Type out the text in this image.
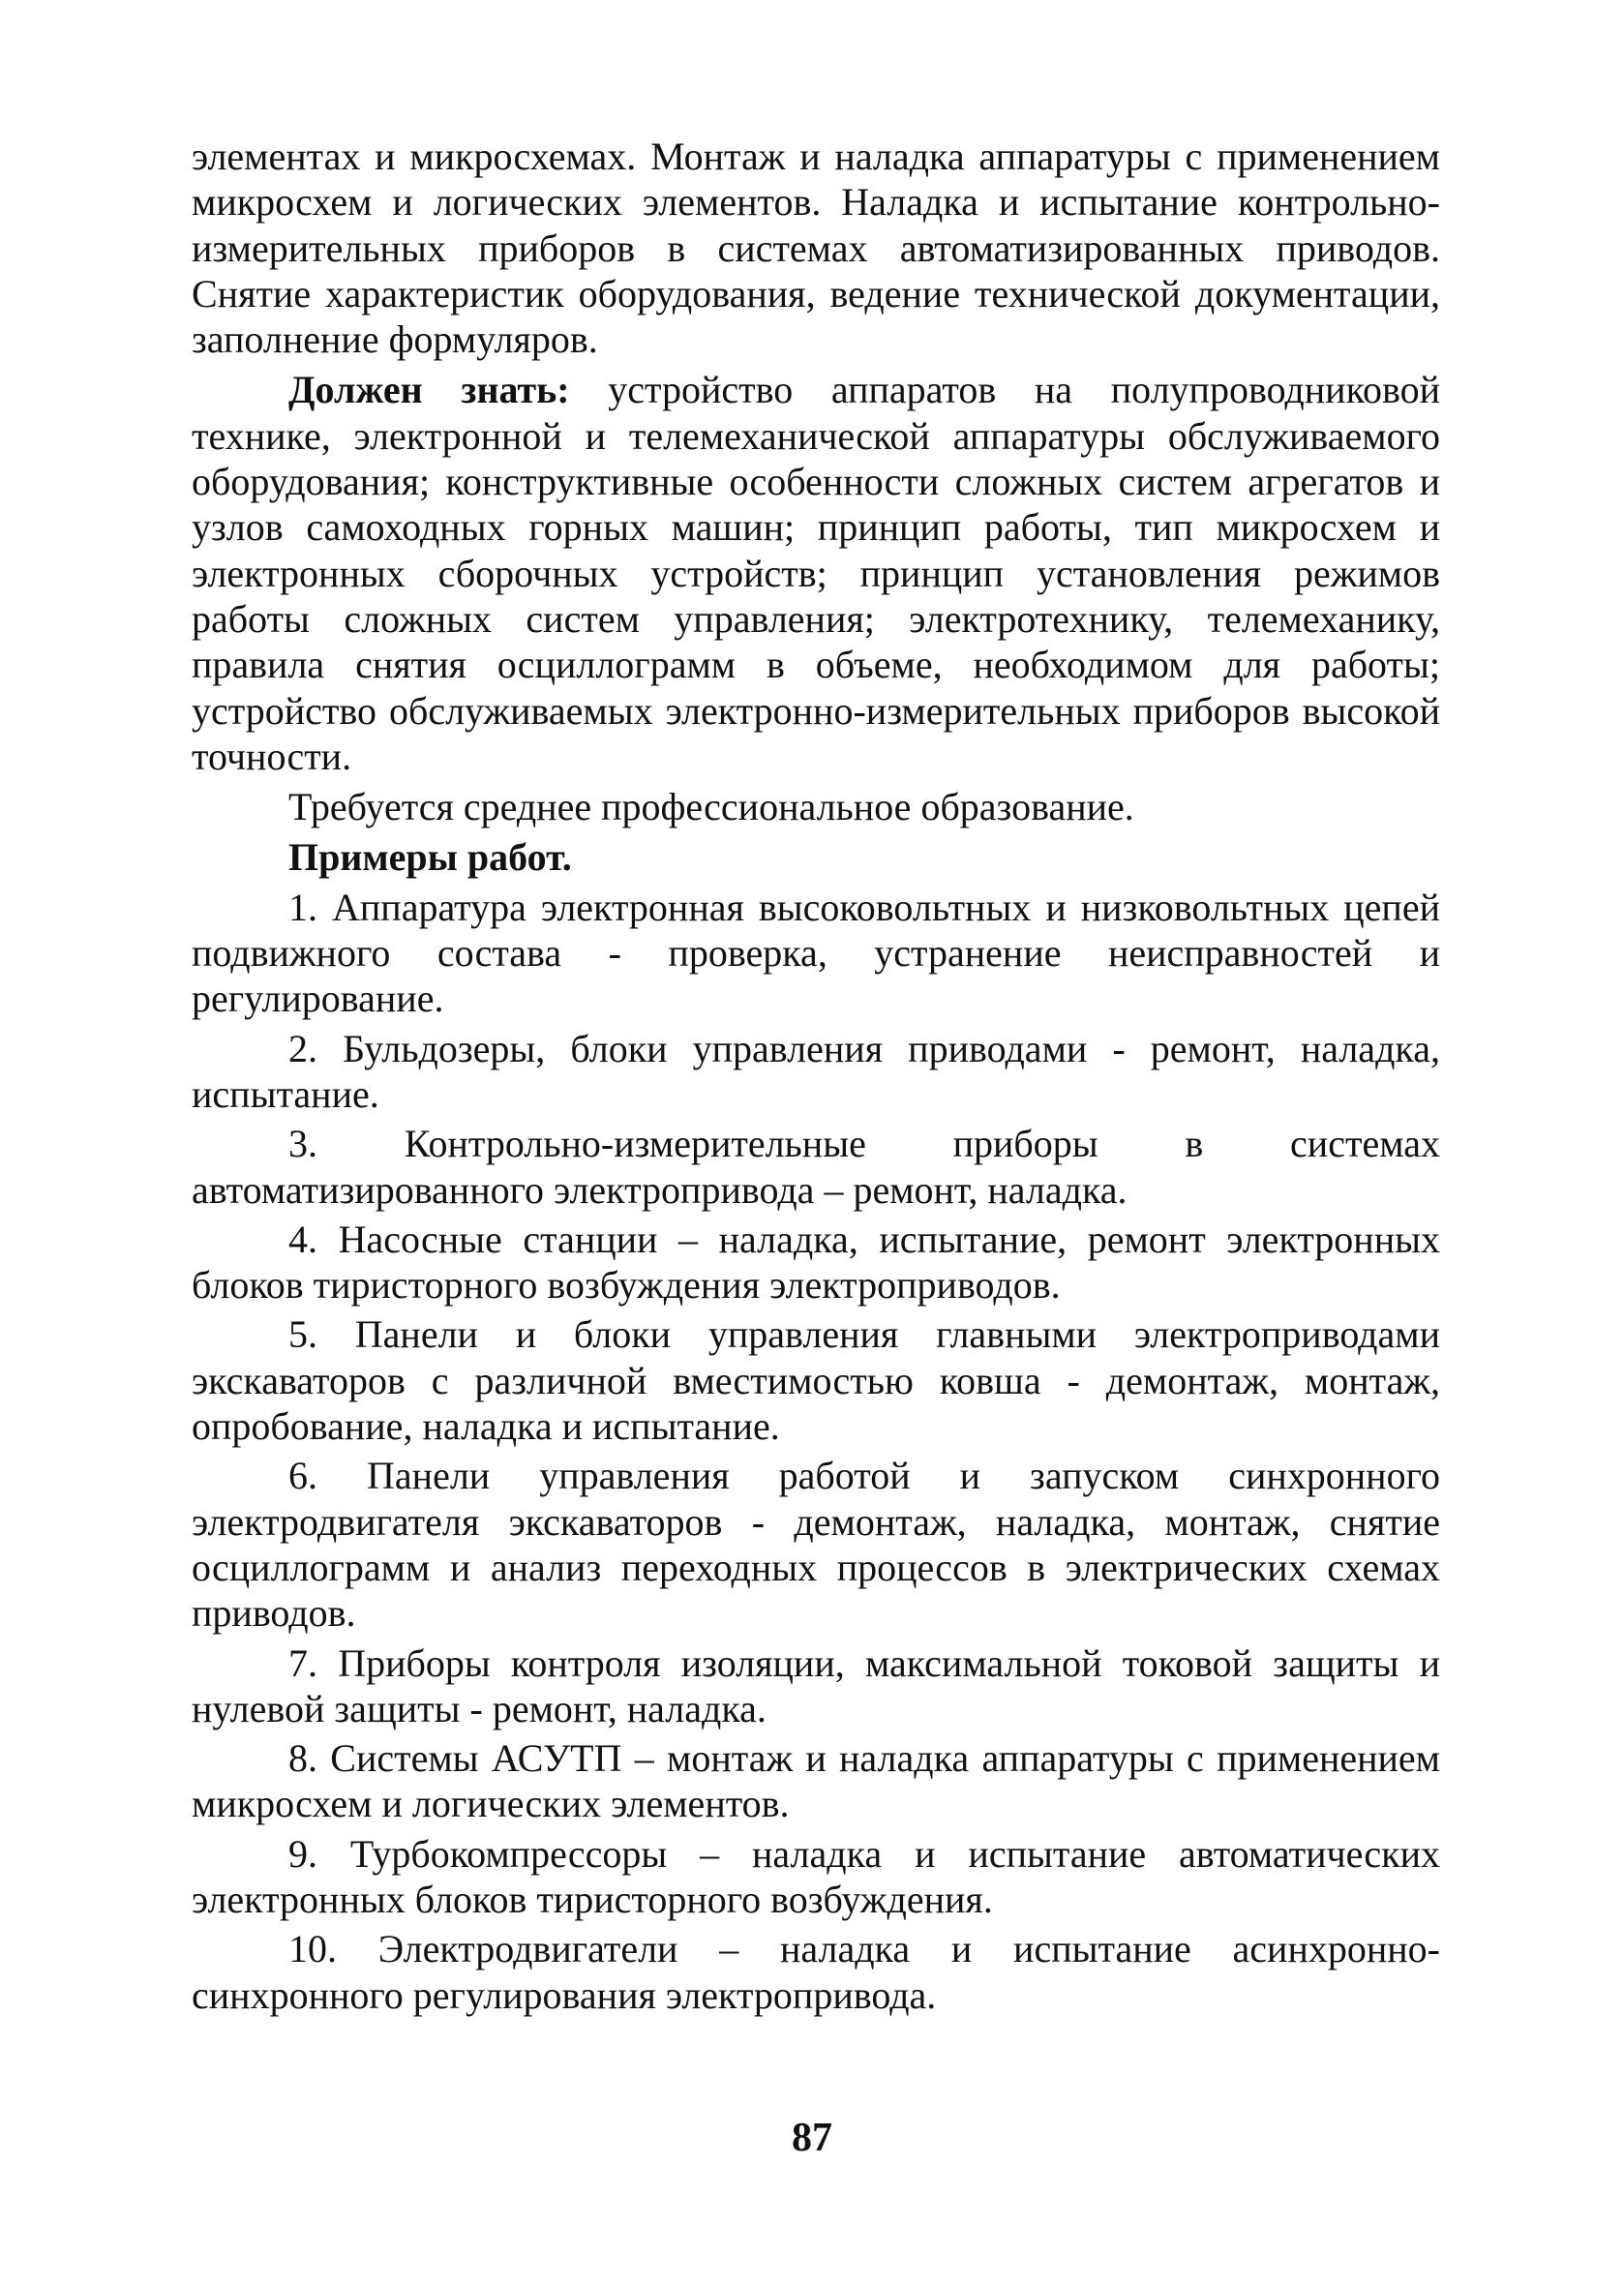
элементах и микросхемах. Монтаж и наладка аппаратуры с применением микросхем и логических элементов. Наладка и испытание контрольно-измерительных приборов в системах автоматизированных приводов. Снятие характеристик оборудования, ведение технической документации, заполнение формуляров.

Должен знать: устройство аппаратов на полупроводниковой технике, электронной и телемеханической аппаратуры обслуживаемого оборудования; конструктивные особенности сложных систем агрегатов и узлов самоходных горных машин; принцип работы, тип микросхем и электронных сборочных устройств; принцип установления режимов работы сложных систем управления; электротехнику, телемеханику, правила снятия осциллограмм в объеме, необходимом для работы; устройство обслуживаемых электронно-измерительных приборов высокой точности.

Требуется среднее профессиональное образование.

Примеры работ.

1. Аппаратура электронная высоковольтных и низковольтных цепей подвижного состава - проверка, устранение неисправностей и регулирование.

2. Бульдозеры, блоки управления приводами - ремонт, наладка, испытание.

3. Контрольно-измерительные приборы в системах автоматизированного электропривода – ремонт, наладка.

4. Насосные станции – наладка, испытание, ремонт электронных блоков тиристорного возбуждения электроприводов.

5. Панели и блоки управления главными электроприводами экскаваторов с различной вместимостью ковша - демонтаж, монтаж, опробование, наладка и испытание.

6. Панели управления работой и запуском синхронного электродвигателя экскаваторов - демонтаж, наладка, монтаж, снятие осциллограмм и анализ переходных процессов в электрических схемах приводов.

7. Приборы контроля изоляции, максимальной токовой защиты и нулевой защиты - ремонт, наладка.

8. Системы АСУТП – монтаж и наладка аппаратуры с применением микросхем и логических элементов.

9. Турбокомпрессоры – наладка и испытание автоматических электронных блоков тиристорного возбуждения.

10. Электродвигатели – наладка и испытание асинхронно-синхронного регулирования электропривода.

87
